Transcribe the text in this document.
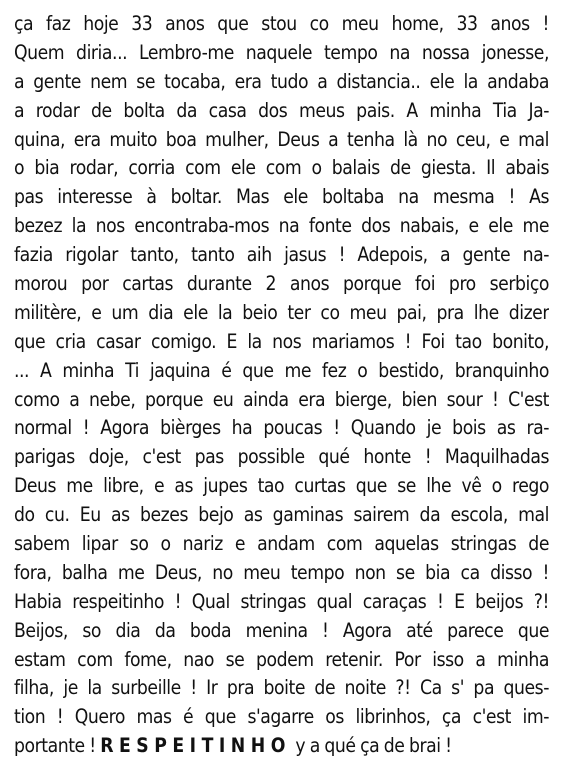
ça faz hoje 33 anos que stou co meu home, 33 anos !
Quem diria... Lembro-me naquele tempo na nossa jonesse,
a gente nem se tocaba, era tudo a distancia.. ele la andaba
a rodar de bolta da casa dos meus pais. A minha Tia Ja-
quina, era muito boa mulher, Deus a tenha là no ceu, e mal
o bia rodar, corria com ele com o balais de giesta. Il abais
pas interesse à boltar. Mas ele boltaba na mesma ! As
bezez la nos encontraba-mos na fonte dos nabais, e ele me
fazia rigolar tanto, tanto aih jasus ! Adepois, a gente na-
morou por cartas durante 2 anos porque foi pro serbiço
militère, e um dia ele la beio ter co meu pai, pra lhe dizer
que cria casar comigo. E la nos mariamos ! Foi tao bonito,
... A minha Ti jaquina é que me fez o bestido, branquinho
como a nebe, porque eu ainda era bierge, bien sour ! C'est
normal ! Agora bièrges ha poucas ! Quando je bois as ra-
parigas doje, c'est pas possible qué honte ! Maquilhadas
Deus me libre, e as jupes tao curtas que se lhe vê o rego
do cu. Eu as bezes bejo as gaminas sairem da escola, mal
sabem lipar so o nariz e andam com aquelas stringas de
fora, balha me Deus, no meu tempo non se bia ca disso !
Habia respeitinho ! Qual stringas qual caraças ! E beijos ?!
Beijos, so dia da boda menina ! Agora até parece que
estam com fome, nao se podem retenir. Por isso a minha
filha, je la surbeille ! Ir pra boite de noite ?! Ca s' pa ques-
tion ! Quero mas é que s'agarre os librinhos, ça c'est im-
portante ! RESPEITINHO y a qué ça de brai !
